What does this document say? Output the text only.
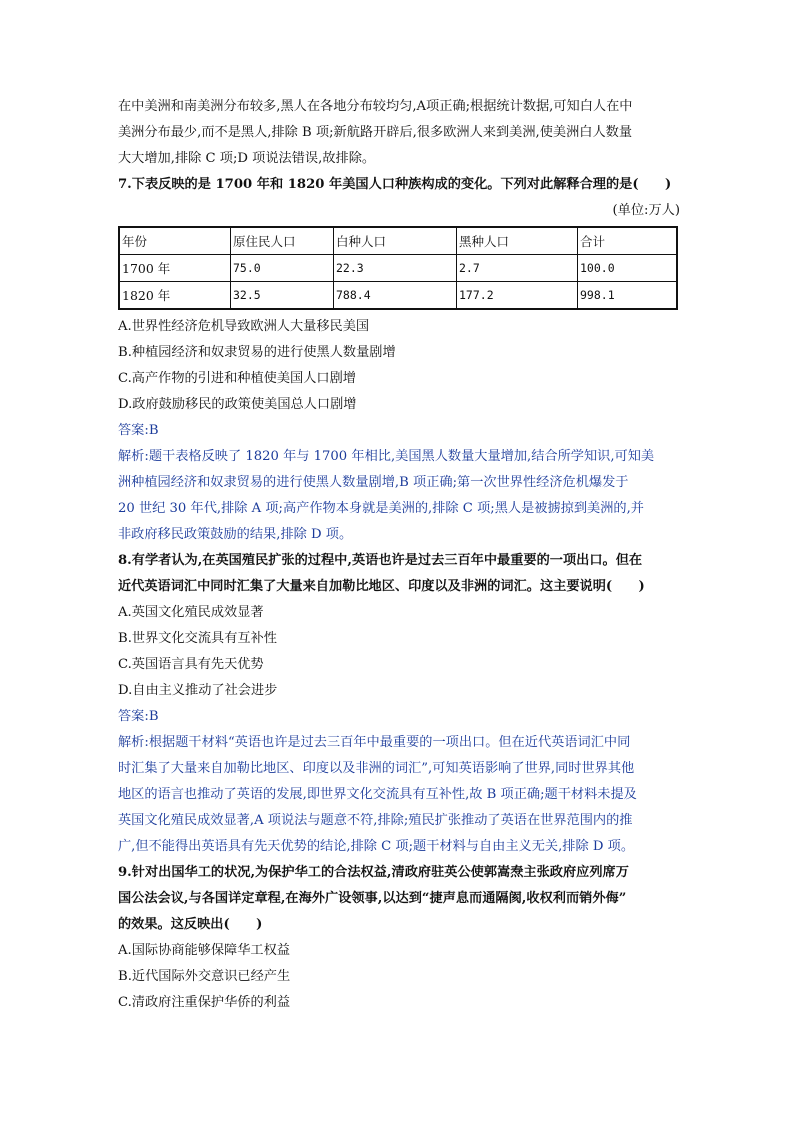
在中美洲和南美洲分布较多,黑人在各地分布较均匀,A项正确;根据统计数据,可知白人在中
美洲分布最少,而不是黑人,排除 B 项;新航路开辟后,很多欧洲人来到美洲,使美洲白人数量
大大增加,排除 C 项;D 项说法错误,故排除。
7.下表反映的是 1700 年和 1820 年美国人口种族构成的变化。下列对此解释合理的是(　　)
(单位:万人)
年份	原住民人口	白种人口	黑种人口	合计
1700 年	75.0	22.3	2.7	100.0
1820 年	32.5	788.4	177.2	998.1
A.世界性经济危机导致欧洲人大量移民美国
B.种植园经济和奴隶贸易的进行使黑人数量剧增
C.高产作物的引进和种植使美国人口剧增
D.政府鼓励移民的政策使美国总人口剧增
答案:B
解析:题干表格反映了 1820 年与 1700 年相比,美国黑人数量大量增加,结合所学知识,可知美
洲种植园经济和奴隶贸易的进行使黑人数量剧增,B 项正确;第一次世界性经济危机爆发于
20 世纪 30 年代,排除 A 项;高产作物本身就是美洲的,排除 C 项;黑人是被掳掠到美洲的,并
非政府移民政策鼓励的结果,排除 D 项。
8.有学者认为,在英国殖民扩张的过程中,英语也许是过去三百年中最重要的一项出口。但在
近代英语词汇中同时汇集了大量来自加勒比地区、印度以及非洲的词汇。这主要说明(　　)
A.英国文化殖民成效显著
B.世界文化交流具有互补性
C.英国语言具有先天优势
D.自由主义推动了社会进步
答案:B
解析:根据题干材料“英语也许是过去三百年中最重要的一项出口。但在近代英语词汇中同
时汇集了大量来自加勒比地区、印度以及非洲的词汇”,可知英语影响了世界,同时世界其他
地区的语言也推动了英语的发展,即世界文化交流具有互补性,故 B 项正确;题干材料未提及
英国文化殖民成效显著,A 项说法与题意不符,排除;殖民扩张推动了英语在世界范围内的推
广,但不能得出英语具有先天优势的结论,排除 C 项;题干材料与自由主义无关,排除 D 项。
9.针对出国华工的状况,为保护华工的合法权益,清政府驻英公使郭嵩焘主张政府应列席万
国公法会议,与各国详定章程,在海外广设领事,以达到“捷声息而通隔阂,收权利而销外侮”
的效果。这反映出(　　)
A.国际协商能够保障华工权益
B.近代国际外交意识已经产生
C.清政府注重保护华侨的利益
